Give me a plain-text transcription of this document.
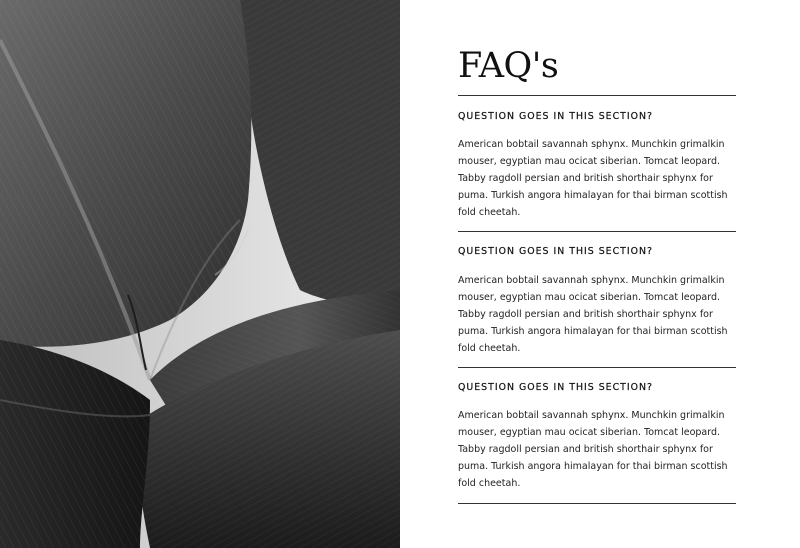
FAQ's
QUESTION GOES IN THIS SECTION?

American bobtail savannah sphynx. Munchkin grimalkin mouser, egyptian mau ocicat siberian. Tomcat leopard. Tabby ragdoll persian and british shorthair sphynx for puma. Turkish angora himalayan for thai birman scottish fold cheetah.

QUESTION GOES IN THIS SECTION?

American bobtail savannah sphynx. Munchkin grimalkin mouser, egyptian mau ocicat siberian. Tomcat leopard. Tabby ragdoll persian and british shorthair sphynx for puma. Turkish angora himalayan for thai birman scottish fold cheetah.

QUESTION GOES IN THIS SECTION?

American bobtail savannah sphynx. Munchkin grimalkin mouser, egyptian mau ocicat siberian. Tomcat leopard. Tabby ragdoll persian and british shorthair sphynx for puma. Turkish angora himalayan for thai birman scottish fold cheetah.
